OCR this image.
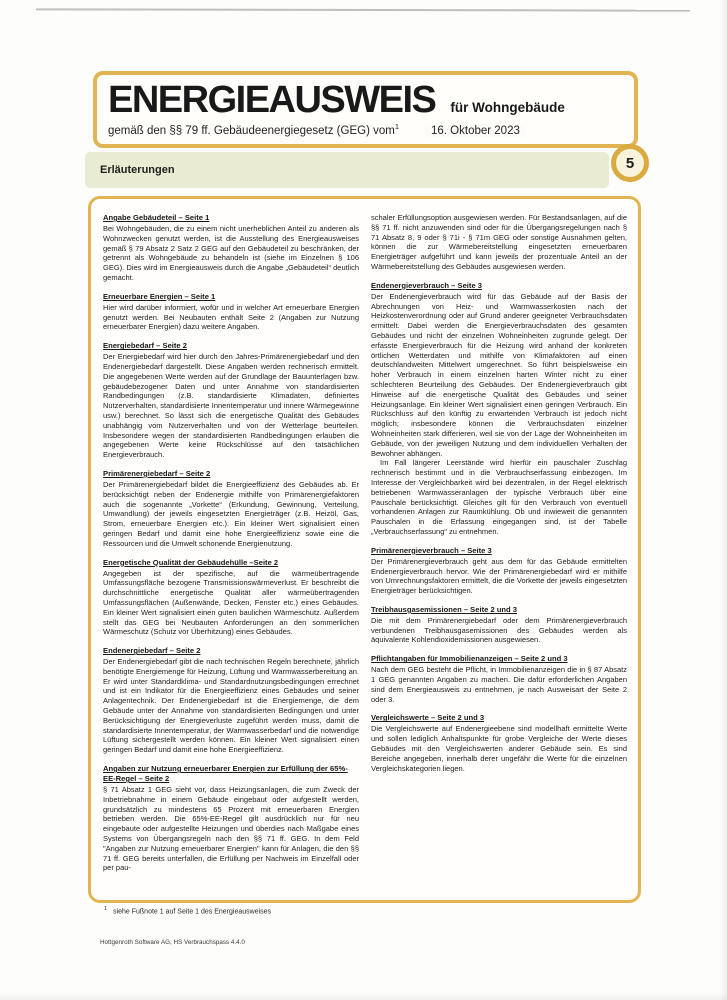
ENERGIEAUSWEIS für Wohngebäude
gemäß den §§ 79 ff. Gebäudeenergiegesetz (GEG) vom$^1$	16. Oktober 2023
Erläuterungen	5
Angabe Gebäudeteil – Seite 1

Bei Wohngebäuden, die zu einem nicht unerheblichen Anteil zu anderen als Wohnzwecken genutzt werden, ist die Ausstellung des Energieausweises gemäß § 79 Absatz 2 Satz 2 GEG auf den Gebäudeteil zu beschränken, der getrennt als Wohngebäude zu behandeln ist (siehe im Einzelnen § 106 GEG). Dies wird im Energieausweis durch die Angabe „Gebäudeteil“ deutlich gemacht.

Erneuerbare Energien – Seite 1

Hier wird darüber informiert, wofür und in welcher Art erneuerbare Energien genutzt werden. Bei Neubauten enthält Seite 2 (Angaben zur Nutzung erneuerbarer Energien) dazu weitere Angaben.

Energiebedarf – Seite 2

Der Energiebedarf wird hier durch den Jahres-Primärenergiebedarf und den Endenergiebedarf dargestellt. Diese Angaben werden rechnerisch ermittelt. Die angegebenen Werte werden auf der Grundlage der Bauunterlagen bzw. gebäudebezogener Daten und unter Annahme von standardisierten Randbedingungen (z.B. standardisierte Klimadaten, definiertes Nutzerverhalten, standardisierte Innentemperatur und innere Wärmegewinne usw.) berechnet. So lässt sich die energetische Qualität des Gebäudes unabhängig vom Nutzerverhalten und von der Wetterlage beurteilen. Insbesondere wegen der standardisierten Randbedingungen erlauben die angegebenen Werte keine Rückschlüsse auf den tatsächlichen Energieverbrauch.

Primärenergiebedarf – Seite 2

Der Primärenergiebedarf bildet die Energieeffizienz des Gebäudes ab. Er berücksichtigt neben der Endenergie mithilfe von Primärenergiefaktoren auch die sogenannte „Vorkette“ (Erkundung, Gewinnung, Verteilung, Umwandlung) der jeweils eingesetzten Energieträger (z.B. Heizöl, Gas, Strom, erneuerbare Energien etc.). Ein kleiner Wert signalisiert einen geringen Bedarf und damit eine hohe Energieeffizienz sowie eine die Ressourcen und die Umwelt schonende Energienutzung.

Energetische Qualität der Gebäudehülle –Seite 2

Angegeben ist der spezifische, auf die wärmeübertragende Umfassungsfläche bezogene Transmissionswärmeverlust. Er beschreibt die durchschnittliche energetische Qualität aller wärmeübertragenden Umfassungsflächen (Außenwände, Decken, Fenster etc.) eines Gebäudes. Ein kleiner Wert signalisiert einen guten baulichen Wärmeschutz. Außerdem stellt das GEG bei Neubauten Anforderungen an den sommerlichen Wärmeschutz (Schutz vor Überhitzung) eines Gebäudes.

Endenergiebedarf – Seite 2

Der Endenergiebedarf gibt die nach technischen Regeln berechnete, jährlich benötigte Energiemenge für Heizung, Lüftung und Warmwasserbereitung an. Er wird unter Standardklima- und Standardnutzungsbedingungen errechnet und ist ein Indikator für die Energieeffizienz eines Gebäudes und seiner Anlagentechnik. Der Endenergiebedarf ist die Energiemenge, die dem Gebäude unter der Annahme von standardisierten Bedingungen und unter Berücksichtigung der Energieverluste zugeführt werden muss, damit die standardisierte Innentemperatur, der Warmwasserbedarf und die notwendige Lüftung sichergestellt werden können. Ein kleiner Wert signalisiert einen geringen Bedarf und damit eine hohe Energieeffizienz.

Angaben zur Nutzung erneuerbarer Energien zur Erfüllung der 65%-EE-Regel – Seite 2

§ 71 Absatz 1 GEG sieht vor, dass Heizungsanlagen, die zum Zweck der Inbetriebnahme in einem Gebäude eingebaut oder aufgestellt werden, grundsätzlich zu mindestens 65 Prozent mit erneuerbaren Energien betrieben werden. Die 65%-EE-Regel gilt ausdrücklich nur für neu eingebaute oder aufgestellte Heizungen und überdies nach Maßgabe eines Systems von Übergangsregeln nach den §§ 71 ff. GEG. In dem Feld "Angaben zur Nutzung erneuerbarer Energien" kann für Anlagen, die den §§ 71 ff. GEG bereits unterfallen, die Erfüllung per Nachweis im Einzelfall oder per pau-

schaler Erfüllungsoption ausgewiesen werden. Für Bestandsanlagen, auf die §§ 71 ff. nicht anzuwenden sind oder für die Übergangsregelungen nach § 71 Absatz 8, 9 oder § 71i - § 71m GEG oder sonstige Ausnahmen gelten, können die zur Wärmebereitstellung eingesetzten erneuerbaren Energieträger aufgeführt und kann jeweils der prozentuale Anteil an der Wärmebereitstellung des Gebäudes ausgewiesen werden.

Endenergieverbrauch – Seite 3

Der Endenergieverbrauch wird für das Gebäude auf der Basis der Abrechnungen von Heiz- und Warmwasserkosten nach der Heizkostenverordnung oder auf Grund anderer geeigneter Verbrauchsdaten ermittelt. Dabei werden die Energieverbrauchsdaten des gesamten Gebäudes und nicht der einzelnen Wohneinheiten zugrunde gelegt. Der erfasste Energieverbrauch für die Heizung wird anhand der konkreten örtlichen Wetterdaten und mithilfe von Klimafaktoren auf einen deutschlandweiten Mittelwert umgerechnet. So führt beispielsweise ein hoher Verbrauch in einem einzelnen harten Winter nicht zu einer schlechteren Beurteilung des Gebäudes. Der Endenergieverbrauch gibt Hinweise auf die energetische Qualität des Gebäudes und seiner Heizungsanlage. Ein kleiner Wert signalisiert einen geringen Verbrauch. Ein Rückschluss auf den künftig zu erwartenden Verbrauch ist jedoch nicht möglich; insbesondere können die Verbrauchsdaten einzelner Wohneinheiten stark differieren, weil sie von der Lage der Wohneinheiten im Gebäude, von der jeweiligen Nutzung und dem individuellen Verhalten der Bewohner abhängen.

Im Fall längerer Leerstände wird hierfür ein pauschaler Zuschlag rechnerisch bestimmt und in die Verbrauchserfassung einbezogen. Im Interesse der Vergleichbarkeit wird bei dezentralen, in der Regel elektrisch betriebenen Warmwasseranlagen der typische Verbrauch über eine Pauschale berücksichtigt. Gleiches gilt für den Verbrauch von eventuell vorhandenen Anlagen zur Raumkühlung. Ob und inwieweit die genannten Pauschalen in die Erfassung eingegangen sind, ist der Tabelle „Verbrauchserfassung“ zu entnehmen.

Primärenergieverbrauch – Seite 3

Der Primärenergieverbrauch geht aus dem für das Gebäude ermittelten Endenergieverbrauch hervor. Wie der Primärenergiebedarf wird er mithilfe von Umrechnungsfaktoren ermittelt, die die Vorkette der jeweils eingesetzten Energieträger berücksichtigen.

Treibhausgasemissionen – Seite 2 und 3

Die mit dem Primärenergiebedarf oder dem Primärenergieverbrauch verbundenen Treibhausgasemissionen des Gebäudes werden als äquivalente Kohlendioxidemissionen ausgewiesen.

Pflichtangaben für Immobilienanzeigen – Seite 2 und 3

Nach dem GEG besteht die Pflicht, in Immobilienanzeigen die in § 87 Absatz 1 GEG genannten Angaben zu machen. Die dafür erforderlichen Angaben sind dem Energieausweis zu entnehmen, je nach Ausweisart der Seite 2 oder 3.

Vergleichswerte – Seite 2 und 3

Die Vergleichswerte auf Endenergieebene sind modellhaft ermittelte Werte und sollen lediglich Anhaltspunkte für grobe Vergleiche der Werte dieses Gebäudes mit den Vergleichswerten anderer Gebäude sein. Es sind Bereiche angegeben, innerhalb derer ungefähr die Werte für die einzelnen Vergleichskategorien liegen.

$^1$ siehe Fußnote 1 auf Seite 1 des Energieausweises
Hottgenroth Software AG, HS Verbrauchspass 4.4.0
